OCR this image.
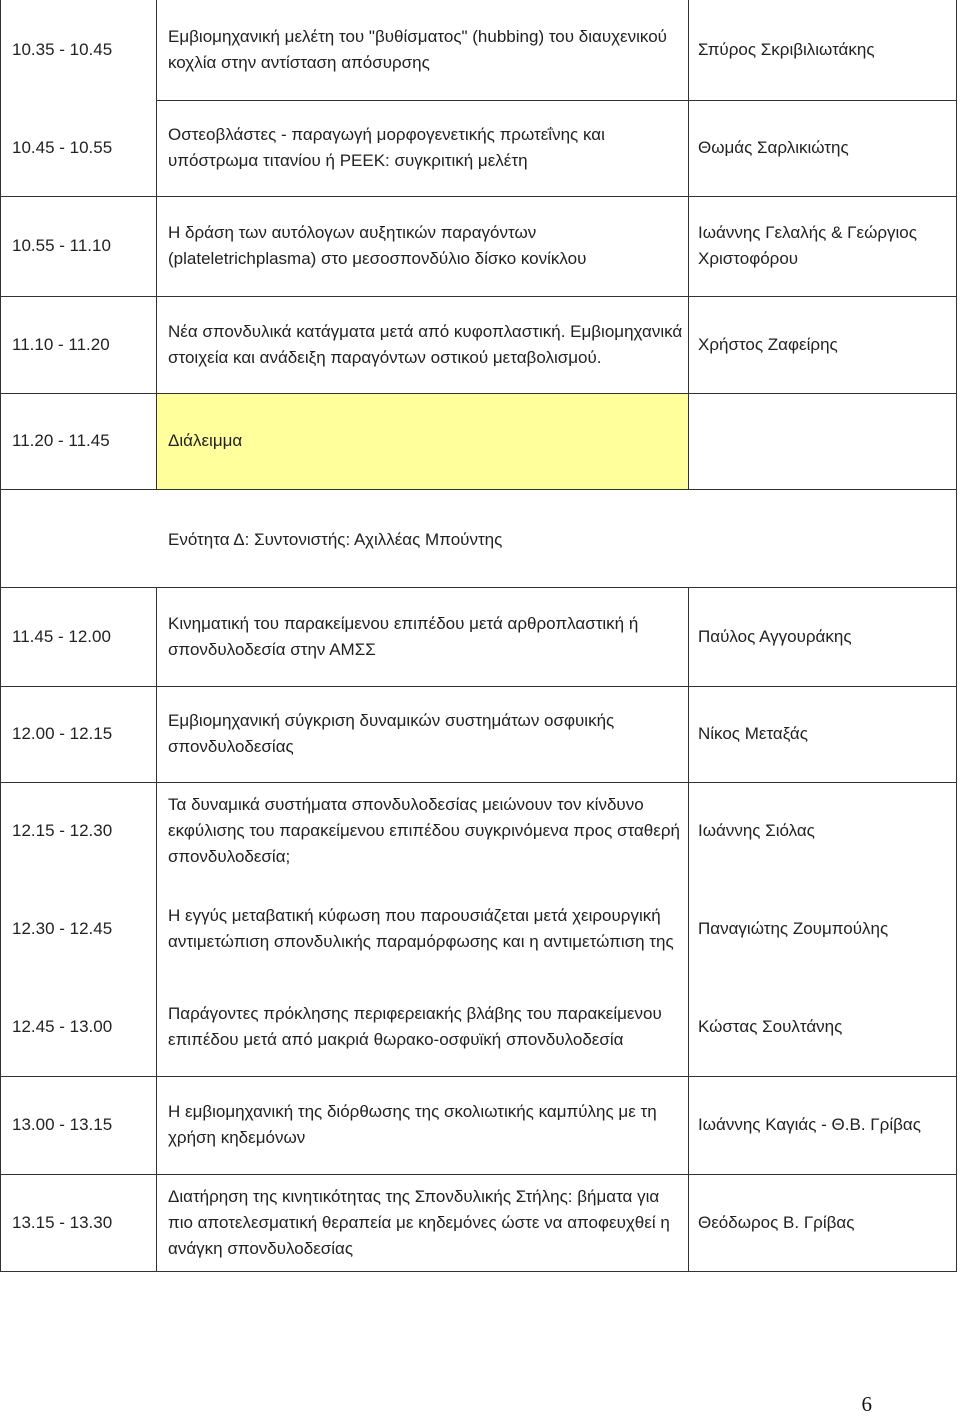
10.35 - 10.45
Εμβιομηχανική μελέτη του "βυθίσματος" (hubbing) του διαυχενικού κοχλία στην αντίσταση απόσυρσης
Σπύρος Σκριβιλιωτάκης
10.45 - 10.55
Οστεοβλάστες - παραγωγή μορφογενετικής πρωτεΐνης και υπόστρωμα τιτανίου ή PEEK: συγκριτική μελέτη
Θωμάς Σαρλικιώτης
10.55 - 11.10
Η δράση των αυτόλογων αυξητικών παραγόντων (plateletrichplasma) στο μεσοσπονδύλιο δίσκο κονίκλου
Ιωάννης Γελαλής & Γεώργιος Χριστοφόρου
11.10 - 11.20
Νέα σπονδυλικά κατάγματα μετά από κυφοπλαστική. Εμβιομηχανικά στοιχεία και ανάδειξη παραγόντων οστικού μεταβολισμού.
Χρήστος Ζαφείρης
11.20 - 11.45	Διάλειμμα
Ενότητα Δ: Συντονιστής: Αχιλλέας Μπούντης
11.45 - 12.00
Κινηματική του παρακείμενου επιπέδου μετά αρθροπλαστική ή σπονδυλοδεσία στην ΑΜΣΣ
Παύλος Αγγουράκης
12.00 - 12.15
Εμβιομηχανική σύγκριση δυναμικών συστημάτων οσφυικής σπονδυλοδεσίας
Νίκος Μεταξάς
12.15 - 12.30
Τα δυναμικά συστήματα σπονδυλοδεσίας μειώνουν τον κίνδυνο εκφύλισης του παρακείμενου επιπέδου συγκρινόμενα προς σταθερή σπονδυλοδεσία;
Ιωάννης Σιόλας
12.30 - 12.45
Η εγγύς μεταβατική κύφωση που παρουσιάζεται μετά χειρουργική αντιμετώπιση σπονδυλικής παραμόρφωσης και η αντιμετώπιση της
Παναγιώτης Ζουμπούλης
12.45 - 13.00
Παράγοντες πρόκλησης περιφερειακής βλάβης του παρακείμενου επιπέδου μετά από μακριά θωρακο-οσφυϊκή σπονδυλοδεσία
Κώστας Σουλτάνης
13.00 - 13.15
Η εμβιομηχανική της διόρθωσης της σκολιωτικής καμπύλης με τη χρήση κηδεμόνων
Ιωάννης Καγιάς - Θ.Β. Γρίβας
13.15 - 13.30
Διατήρηση της κινητικότητας της Σπονδυλικής Στήλης: βήματα για πιο αποτελεσματική θεραπεία με κηδεμόνες ώστε να αποφευχθεί η ανάγκη σπονδυλοδεσίας
Θεόδωρος Β. Γρίβας
6
